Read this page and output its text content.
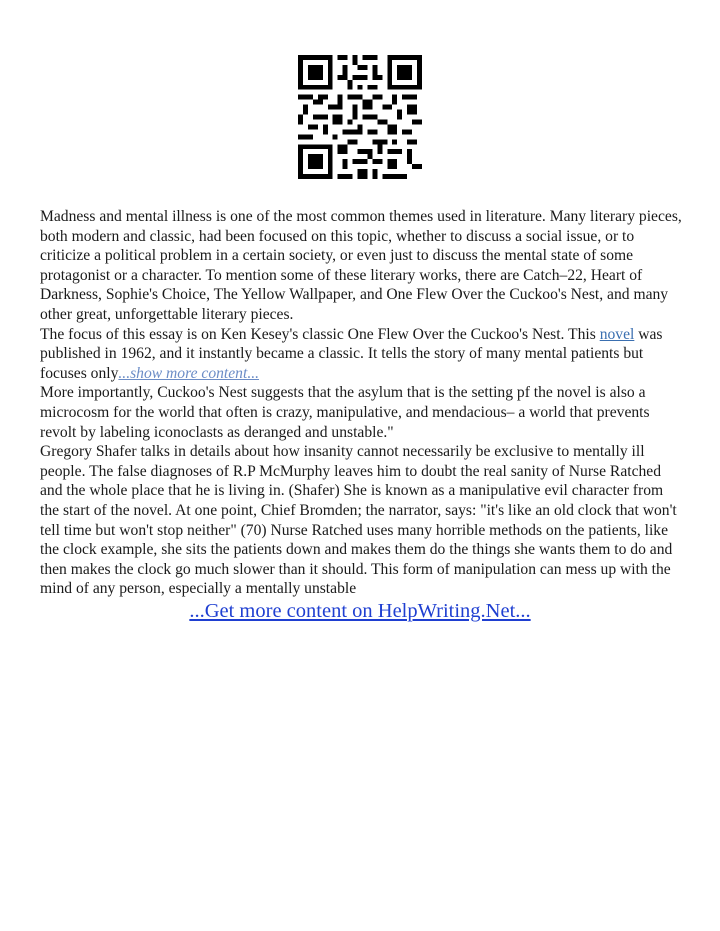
Madness and mental illness is one of the most common themes used in literature. Many literary pieces, both modern and classic, had been focused on this topic, whether to discuss a social issue, or to criticize a political problem in a certain society, or even just to discuss the mental state of some protagonist or a character. To mention some of these literary works, there are Catch–22, Heart of Darkness, Sophie's Choice, The Yellow Wallpaper, and One Flew Over the Cuckoo's Nest, and many other great, unforgettable literary pieces.

The focus of this essay is on Ken Kesey's classic One Flew Over the Cuckoo's Nest. This novel was published in 1962, and it instantly became a classic. It tells the story of many mental patients but focuses only...show more content...

More importantly, Cuckoo's Nest suggests that the asylum that is the setting pf the novel is also a microcosm for the world that often is crazy, manipulative, and mendacious– a world that prevents revolt by labeling iconoclasts as deranged and unstable."

Gregory Shafer talks in details about how insanity cannot necessarily be exclusive to mentally ill people. The false diagnoses of R.P McMurphy leaves him to doubt the real sanity of Nurse Ratched and the whole place that he is living in. (Shafer) She is known as a manipulative evil character from the start of the novel. At one point, Chief Bromden; the narrator, says: "it's like an old clock that won't tell time but won't stop neither" (70) Nurse Ratched uses many horrible methods on the patients, like the clock example, she sits the patients down and makes them do the things she wants them to do and then makes the clock go much slower than it should. This form of manipulation can mess up with the mind of any person, especially a mentally unstable

...Get more content on HelpWriting.Net...
